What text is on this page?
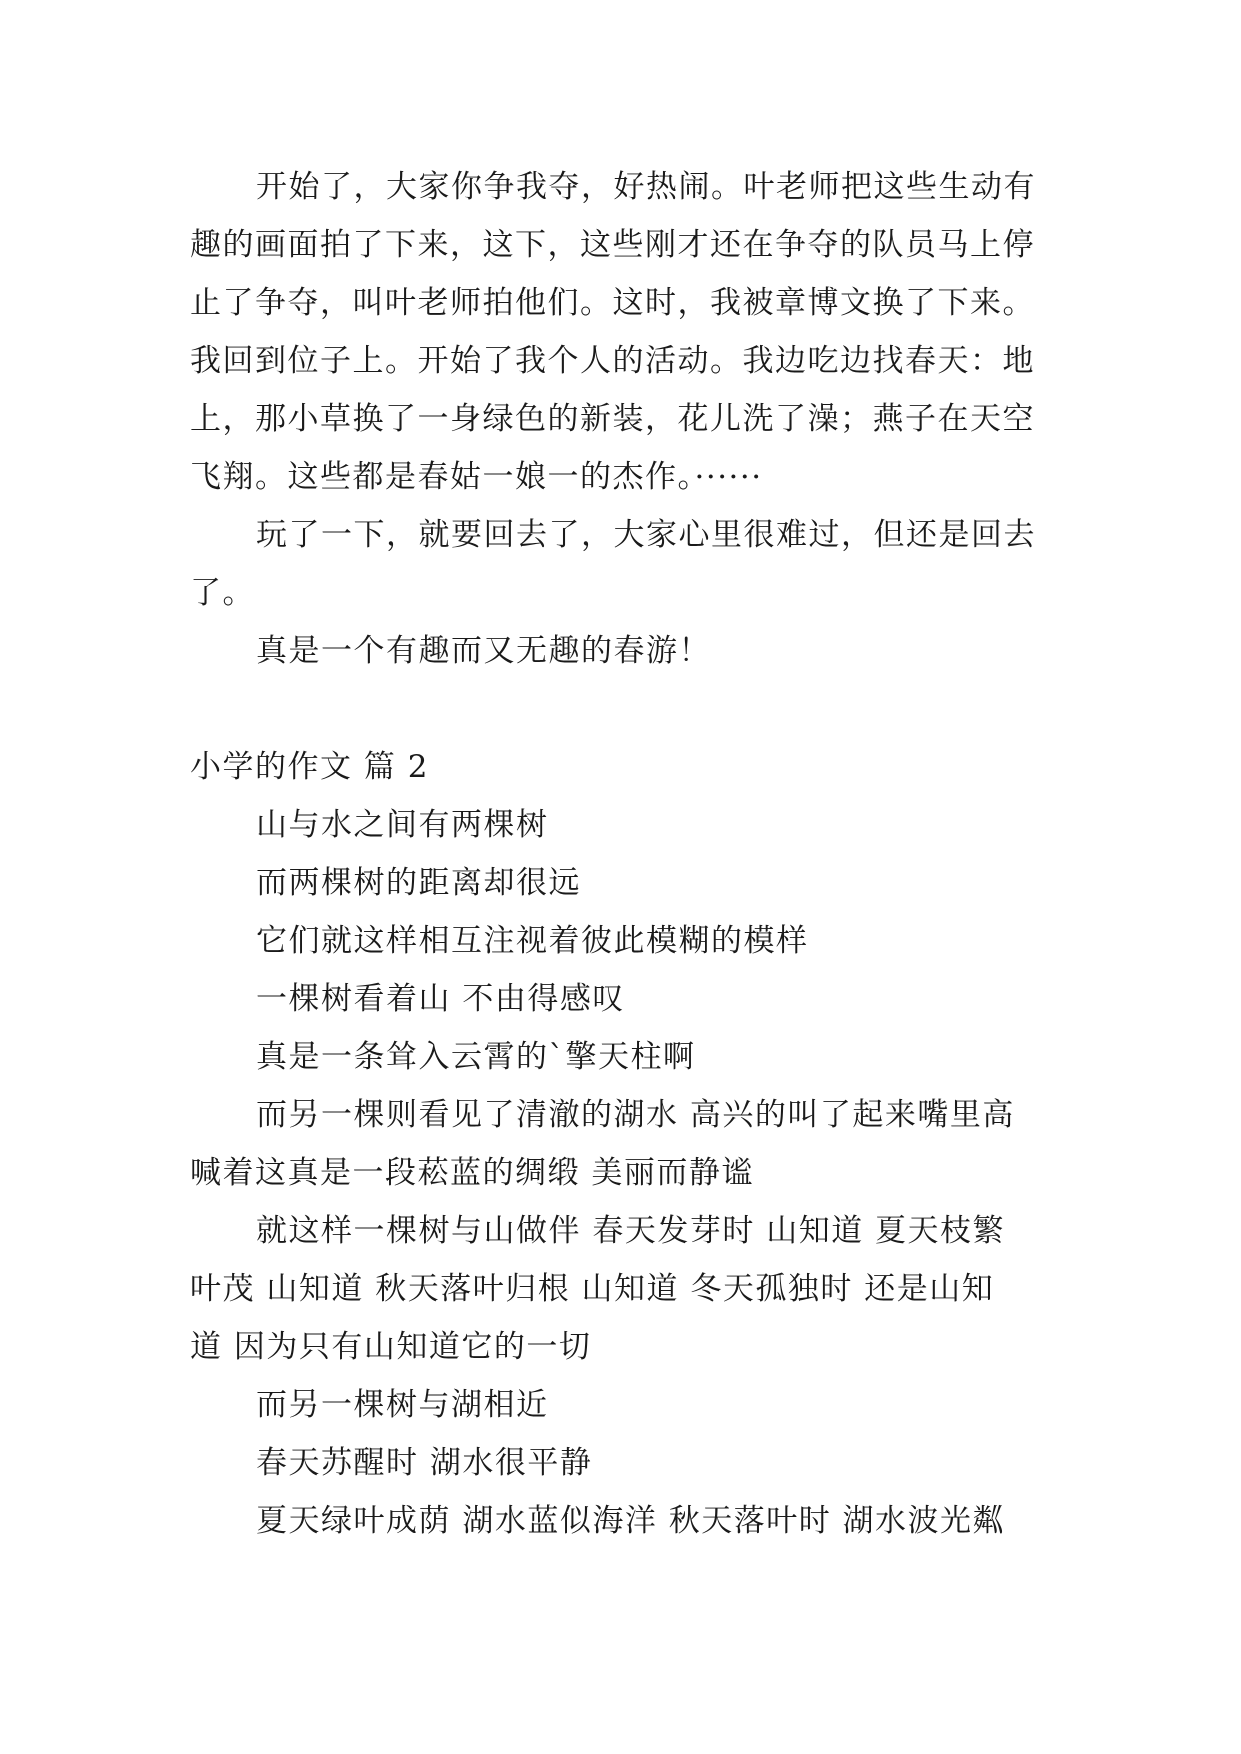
开始了，大家你争我夺，好热闹。叶老师把这些生动有
趣的画面拍了下来，这下，这些刚才还在争夺的队员马上停
止了争夺，叫叶老师拍他们。这时，我被章博文换了下来。
我回到位子上。开始了我个人的活动。我边吃边找春天：地
上，那小草换了一身绿色的新装，花儿洗了澡；燕子在天空
飞翔。这些都是春姑一娘一的杰作。······
玩了一下，就要回去了，大家心里很难过，但还是回去
了。
真是一个有趣而又无趣的春游！
小学的作文 篇 2
山与水之间有两棵树
而两棵树的距离却很远
它们就这样相互注视着彼此模糊的模样
一棵树看着山 不由得感叹
真是一条耸入云霄的`擎天柱啊
而另一棵则看见了清澈的湖水 高兴的叫了起来嘴里高
喊着这真是一段菘蓝的绸缎 美丽而静谧
就这样一棵树与山做伴 春天发芽时 山知道 夏天枝繁
叶茂 山知道 秋天落叶归根 山知道 冬天孤独时 还是山知
道 因为只有山知道它的一切
而另一棵树与湖相近
春天苏醒时 湖水很平静
夏天绿叶成荫 湖水蓝似海洋 秋天落叶时 湖水波光粼
